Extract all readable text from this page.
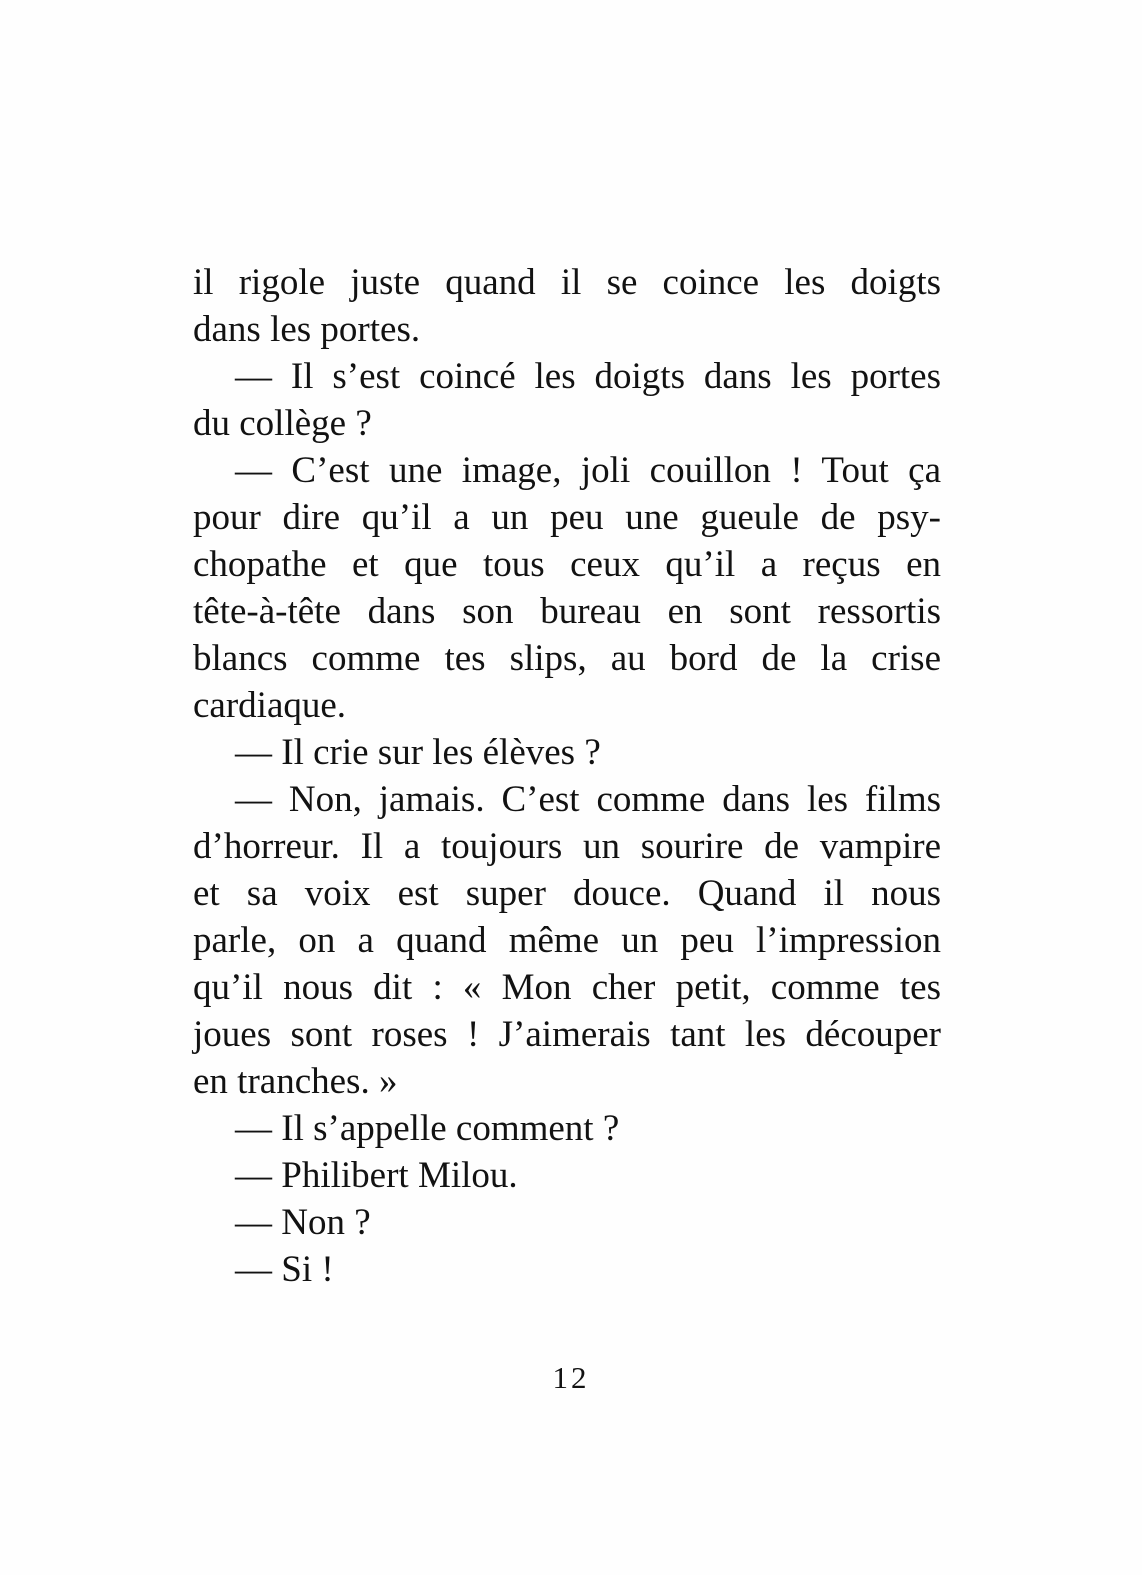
il rigole juste quand il se coince les doigts
dans les portes.
— Il s’est coincé les doigts dans les portes
du collège ?
— C’est une image, joli couillon ! Tout ça
pour dire qu’il a un peu une gueule de psy-
chopathe et que tous ceux qu’il a reçus en
tête-à-tête dans son bureau en sont ressortis
blancs comme tes slips, au bord de la crise
cardiaque.
— Il crie sur les élèves ?
— Non, jamais. C’est comme dans les films
d’horreur. Il a toujours un sourire de vampire
et sa voix est super douce. Quand il nous
parle, on a quand même un peu l’impression
qu’il nous dit : « Mon cher petit, comme tes
joues sont roses ! J’aimerais tant les découper
en tranches. »
— Il s’appelle comment ?
— Philibert Milou.
— Non ?
— Si !
12
